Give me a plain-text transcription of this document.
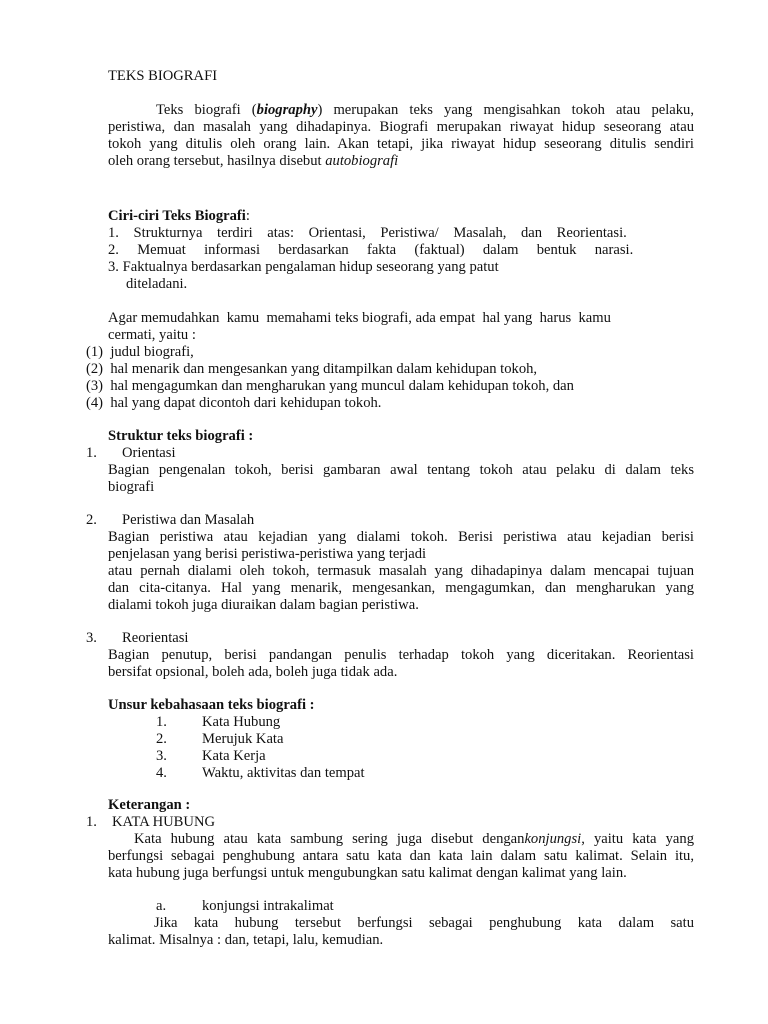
TEKS BIOGRAFI
Teks biografi (biography) merupakan teks yang mengisahkan tokoh atau pelaku,
peristiwa, dan masalah yang dihadapinya. Biografi merupakan riwayat hidup seseorang atau
tokoh yang ditulis oleh orang lain. Akan tetapi, jika riwayat hidup seseorang ditulis sendiri
oleh orang tersebut, hasilnya disebut autobiografi
Ciri-ciri Teks Biografi:
1.    Strukturnya    terdiri    atas:    Orientasi,    Peristiwa/    Masalah,    dan    Reorientasi.
2.     Memuat     informasi     berdasarkan     fakta     (faktual)     dalam     bentuk     narasi.
3. Faktualnya berdasarkan pengalaman hidup seseorang yang patut
diteladani.
Agar memudahkan  kamu  memahami teks biografi, ada empat  hal yang  harus  kamu
cermati, yaitu :
(1)  judul biografi,
(2)  hal menarik dan mengesankan yang ditampilkan dalam kehidupan tokoh,
(3)  hal mengagumkan dan mengharukan yang muncul dalam kehidupan tokoh, dan
(4)  hal yang dapat dicontoh dari kehidupan tokoh.
Struktur teks biografi :
1. Orientasi
Bagian pengenalan tokoh, berisi gambaran awal tentang tokoh atau pelaku di dalam teks
biografi
2. Peristiwa dan Masalah
Bagian peristiwa atau kejadian yang dialami tokoh. Berisi peristiwa atau kejadian berisi
penjelasan yang berisi peristiwa-peristiwa yang terjadi
atau pernah dialami oleh tokoh, termasuk masalah yang dihadapinya dalam mencapai tujuan
dan cita-citanya. Hal yang menarik, mengesankan, mengagumkan, dan mengharukan yang
dialami tokoh juga diuraikan dalam bagian peristiwa.
3. Reorientasi
Bagian penutup, berisi pandangan penulis terhadap tokoh yang diceritakan. Reorientasi
bersifat opsional, boleh ada, boleh juga tidak ada.
Unsur kebahasaan teks biografi :
1. Kata Hubung
2. Merujuk Kata
3. Kata Kerja
4. Waktu, aktivitas dan tempat
Keterangan :
1. KATA HUBUNG
Kata hubung atau kata sambung sering juga disebut dengankonjungsi, yaitu kata yang
berfungsi sebagai penghubung antara satu kata dan kata lain dalam satu kalimat. Selain itu,
kata hubung juga berfungsi untuk mengubungkan satu kalimat dengan kalimat yang lain.
a. konjungsi intrakalimat
Jika kata hubung tersebut berfungsi sebagai penghubung kata dalam satu
kalimat. Misalnya : dan, tetapi, lalu, kemudian.
